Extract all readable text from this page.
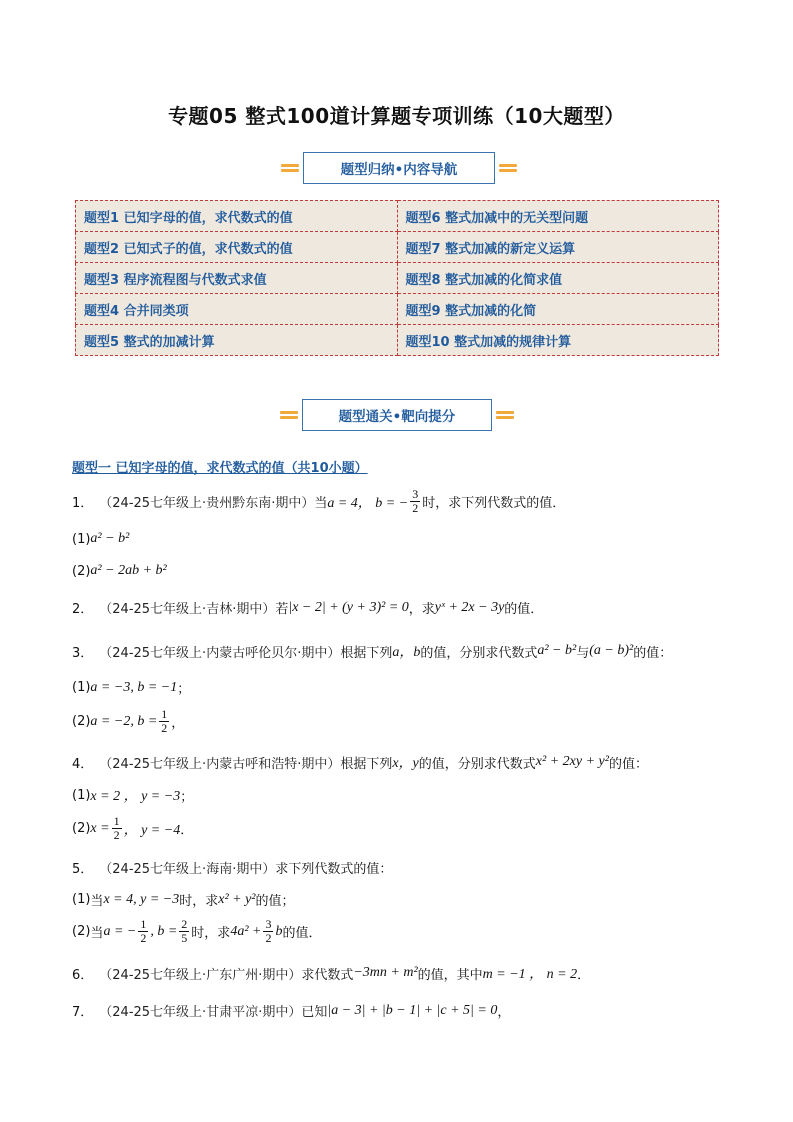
专题05 整式100道计算题专项训练（10大题型）
题型归纳•内容导航
题型1 已知字母的值，求代数式的值	题型6 整式加减中的无关型问题
题型2 已知式子的值，求代数式的值	题型7 整式加减的新定义运算
题型3 程序流程图与代数式求值	题型8 整式加减的化简求值
题型4 合并同类项	题型9 整式加减的化简
题型5 整式的加减计算	题型10 整式加减的规律计算
题型通关•靶向提分
题型一 已知字母的值，求代数式的值（共10小题）
1． （24-25七年级上·贵州黔东南·期中） 当 a = 4， b = − $\frac{3}{2}$ 时，求下列代数式的值．
(1) a² − b²
(2) a² − 2ab + b²
2． （24-25七年级上·吉林·期中） 若 |x − 2| + (y + 3)² = 0 ，求 yˣ + 2x − 3y 的值．
3． （24-25七年级上·内蒙古呼伦贝尔·期中） 根据下列 a，b 的值，分别求代数式 a² − b² 与 (a − b)² 的值：
(1) a = −3, b = −1 ；
(2) a = −2, $b = \frac{1}{2}$ ，
4． （24-25七年级上·内蒙古呼和浩特·期中） 根据下列 x，y 的值，分别求代数式 x² + 2xy + y² 的值：
(1) x = 2 ， y = −3 ；
(2) $x = \frac{1}{2}$ ， y = −4 ．
5． （24-25七年级上·海南·期中） 求下列代数式的值：
(1) 当 x = 4, y = −3 时，求 x² + y² 的值；
(2) 当 a = − $\frac{1}{2}$ , $b = \frac{2}{5}$ 时，求 $4a^2 + \frac{3}{2}$ b 的值．
6． （24-25七年级上·广东广州·期中） 求代数式 −3mn + m² 的值，其中 m = −1 ， n = 2 ．
7． （24-25七年级上·甘肃平凉·期中） 已知 |a − 3| + |b − 1| + |c + 5| = 0 ，
